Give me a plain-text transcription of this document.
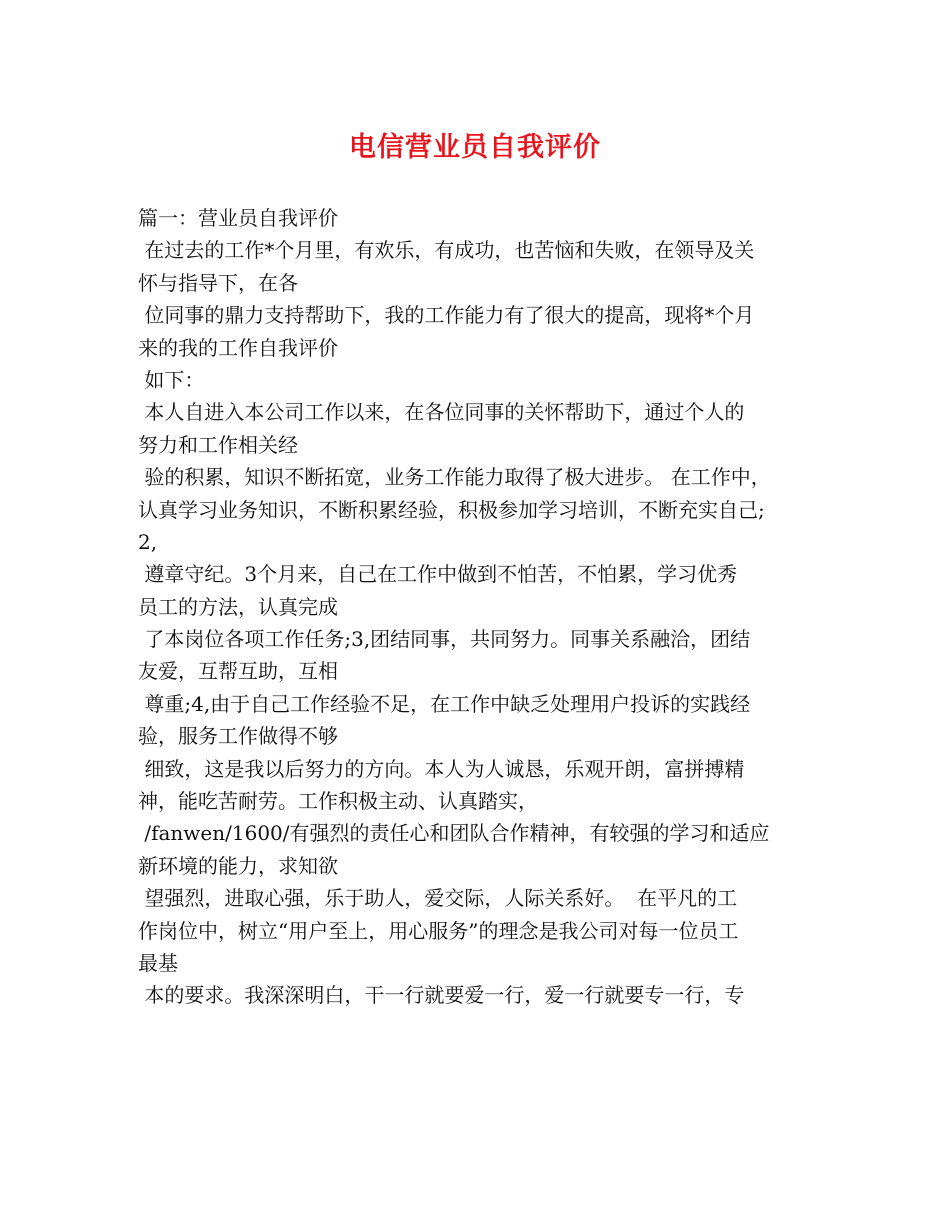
电信营业员自我评价
篇一：营业员自我评价
在过去的工作*个月里，有欢乐，有成功，也苦恼和失败，在领导及关
怀与指导下，在各
位同事的鼎力支持帮助下，我的工作能力有了很大的提高，现将*个月
来的我的工作自我评价
如下：
本人自进入本公司工作以来，在各位同事的关怀帮助下，通过个人的
努力和工作相关经
验的积累，知识不断拓宽，业务工作能力取得了极大进步。 在工作中，
认真学习业务知识，不断积累经验，积极参加学习培训，不断充实自己;
2,
遵章守纪。3个月来，自己在工作中做到不怕苦，不怕累，学习优秀
员工的方法，认真完成
了本岗位各项工作任务;3,团结同事，共同努力。同事关系融洽，团结
友爱，互帮互助，互相
尊重;4,由于自己工作经验不足，在工作中缺乏处理用户投诉的实践经
验，服务工作做得不够
细致，这是我以后努力的方向。本人为人诚恳，乐观开朗，富拼搏精
神，能吃苦耐劳。工作积极主动、认真踏实，
/fanwen/1600/有强烈的责任心和团队合作精神，有较强的学习和适应
新环境的能力，求知欲
望强烈，进取心强，乐于助人，爱交际，人际关系好。  在平凡的工
作岗位中，树立“用户至上，用心服务”的理念是我公司对每一位员工
最基
本的要求。我深深明白，干一行就要爱一行，爱一行就要专一行，专
